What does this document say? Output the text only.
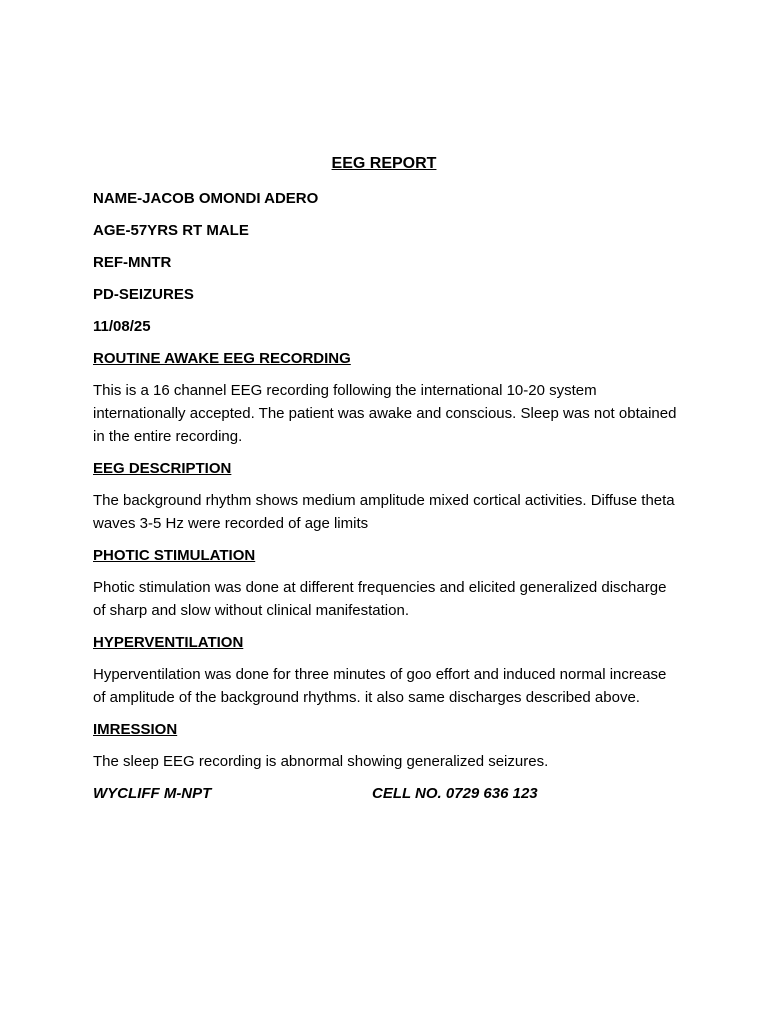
EEG REPORT
NAME-JACOB OMONDI ADERO
AGE-57YRS RT MALE
REF-MNTR
PD-SEIZURES
11/08/25
ROUTINE AWAKE EEG RECORDING
This is a 16 channel EEG recording following the international 10-20 system internationally accepted. The patient was awake and conscious. Sleep was not obtained in the entire recording.
EEG DESCRIPTION
The background rhythm shows medium amplitude mixed cortical activities. Diffuse theta waves 3-5 Hz were recorded of age limits
PHOTIC STIMULATION
Photic stimulation was done at different frequencies and elicited generalized discharge of sharp and slow without clinical manifestation.
HYPERVENTILATION
Hyperventilation was done for three minutes of goo effort and induced normal increase of amplitude of the background rhythms. it also same discharges described above.
IMRESSION
The sleep EEG recording is abnormal showing generalized seizures.
WYCLIFF M-NPT	CELL NO. 0729 636 123
